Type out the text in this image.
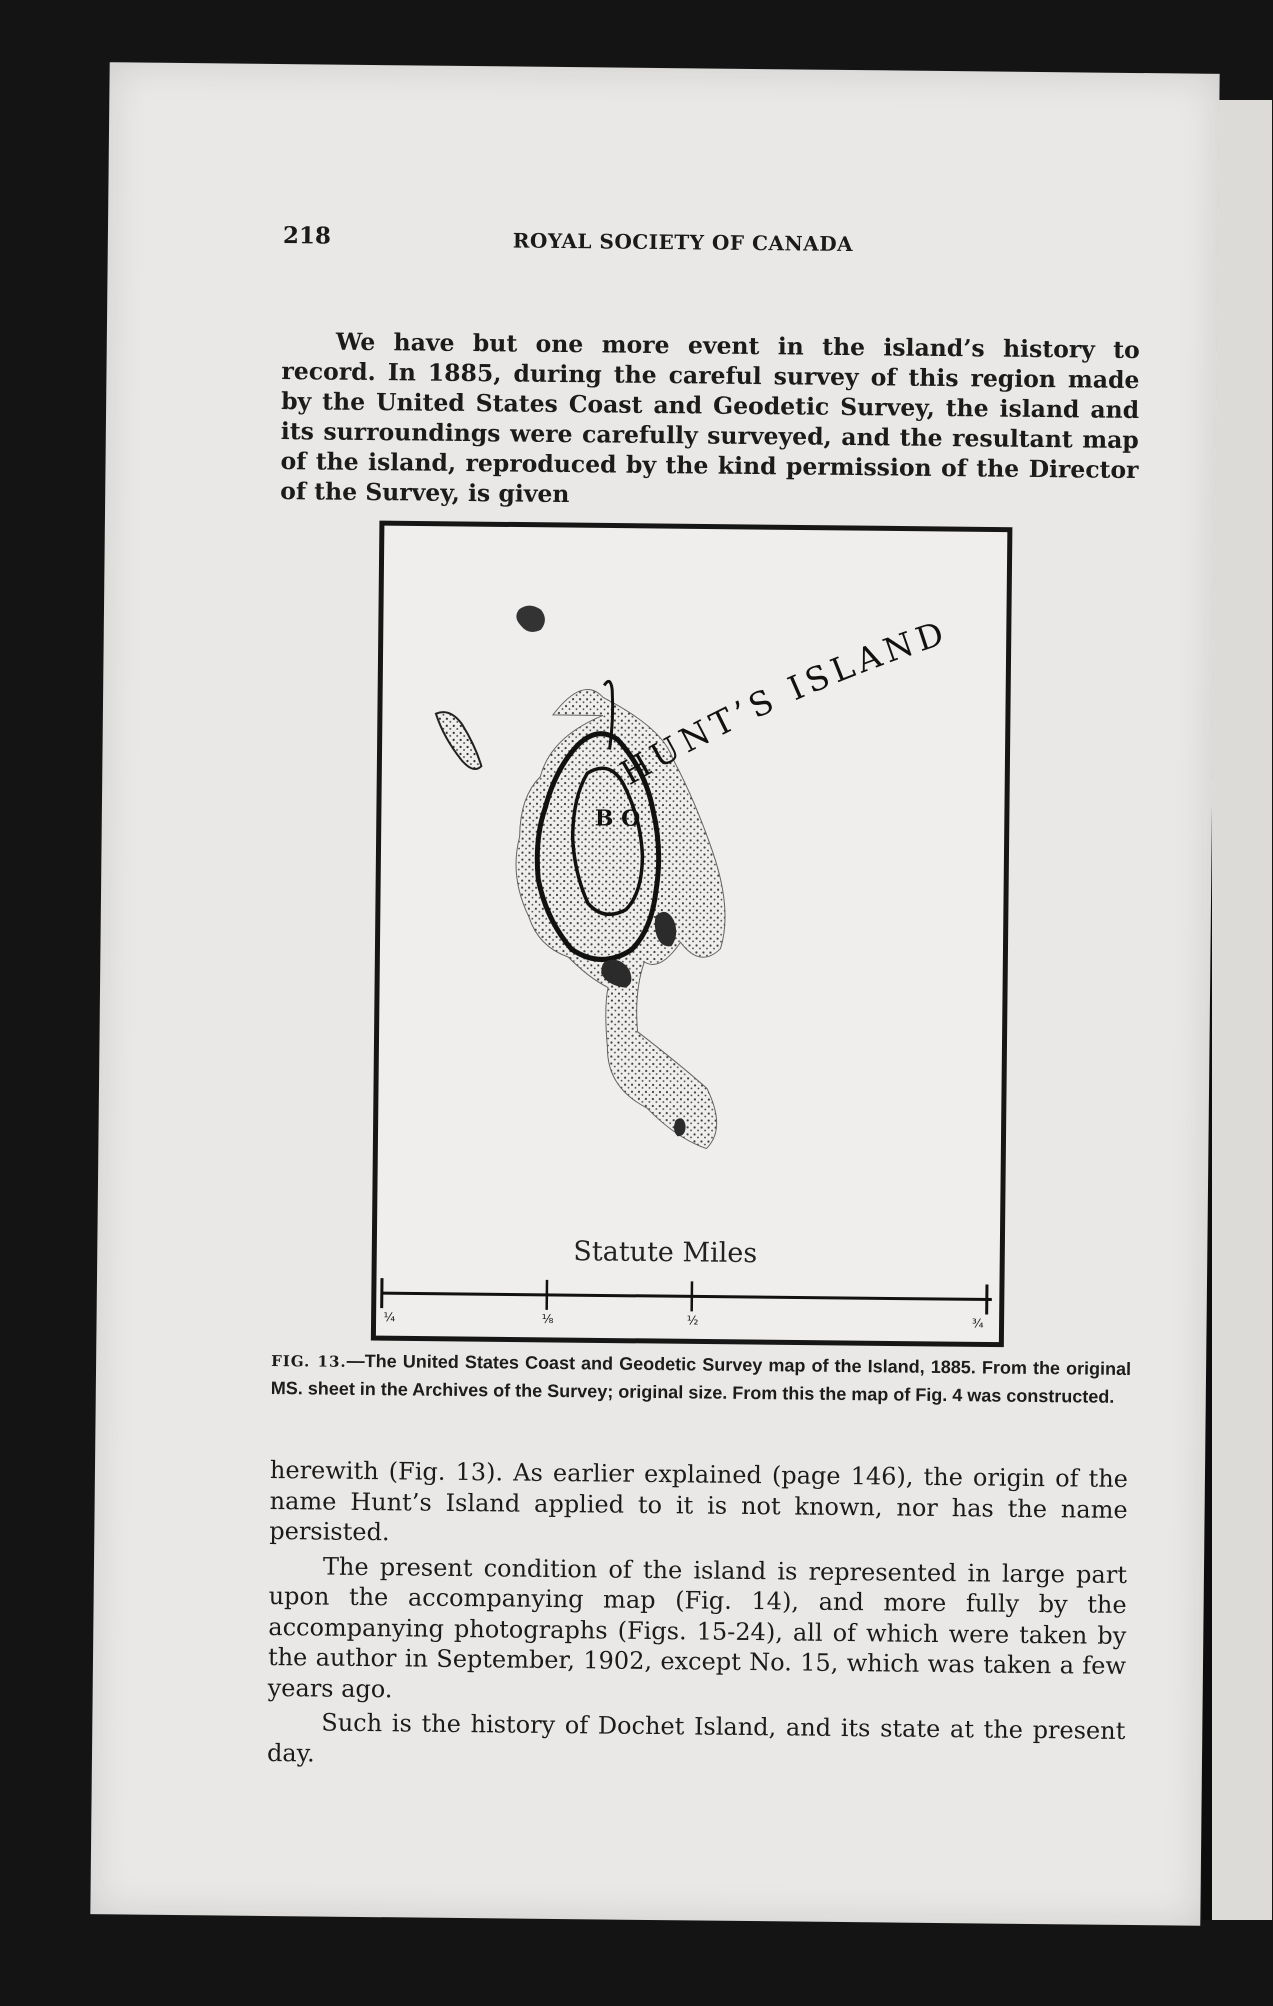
218	ROYAL SOCIETY OF CANADA

We have but one more event in the island’s history to record. In 1885, during the careful survey of this region made by the United States Coast and Geodetic Survey, the island and its surroundings were carefully surveyed, and the resultant map of the island, reproduced by the kind permission of the Director of the Survey, is given

B O
HUNT’S ISLAND
Statute Miles
¼	⅛	½	¾
FIG. 13.—The United States Coast and Geodetic Survey map of the Island, 1885. From the original MS. sheet in the Archives of the Survey; original size. From this the map of Fig. 4 was constructed.

herewith (Fig. 13). As earlier explained (page 146), the origin of the name Hunt’s Island applied to it is not known, nor has the name persisted.

The present condition of the island is represented in large part upon the accompanying map (Fig. 14), and more fully by the accompanying photographs (Figs. 15-24), all of which were taken by the author in September, 1902, except No. 15, which was taken a few years ago.

Such is the history of Dochet Island, and its state at the present day.
